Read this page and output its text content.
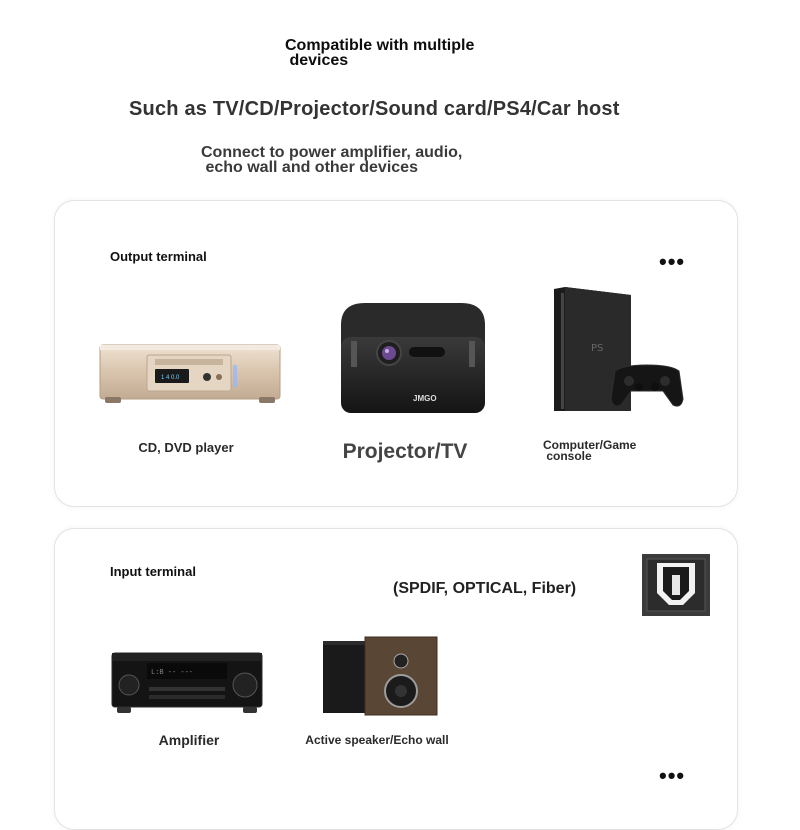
Compatible with multiple
devices
Such as TV/CD/Projector/Sound card/PS4/Car host
Connect to power amplifier, audio,
echo wall and other devices
Output terminal	•••
1 4 0.0
CD, DVD player
JMGO
Projector/TV
PS
Computer/Game
console
Input terminal
(SPDIF, OPTICAL, Fiber)
L:B -- ---
Amplifier	Active speaker/Echo wall
•••
